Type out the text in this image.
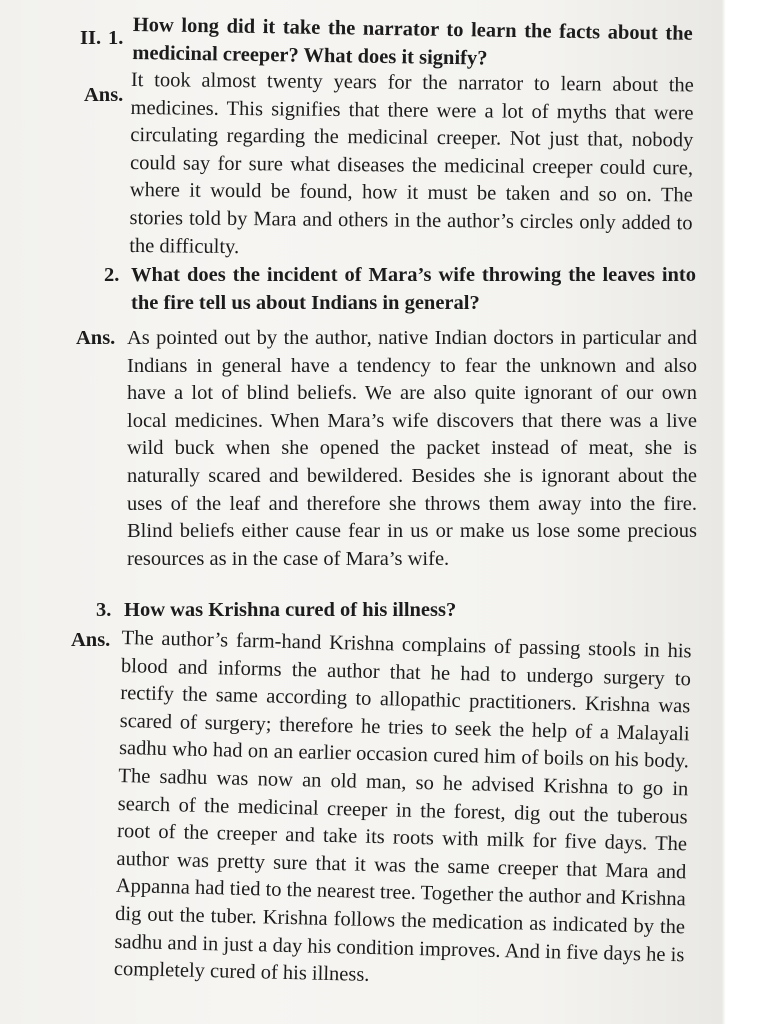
II. 1. How long did it take the narrator to learn the facts about the medicinal creeper? What does it signify?
Ans. It took almost twenty years for the narrator to learn about the medicines. This signifies that there were a lot of myths that were circulating regarding the medicinal creeper. Not just that, nobody could say for sure what diseases the medicinal creeper could cure, where it would be found, how it must be taken and so on. The stories told by Mara and others in the author’s circles only added to the difficulty.
2. What does the incident of Mara’s wife throwing the leaves into the fire tell us about Indians in general?
Ans. As pointed out by the author, native Indian doctors in particular and Indians in general have a tendency to fear the unknown and also have a lot of blind beliefs. We are also quite ignorant of our own local medicines. When Mara’s wife discovers that there was a live wild buck when she opened the packet instead of meat, she is naturally scared and bewildered. Besides she is ignorant about the uses of the leaf and therefore she throws them away into the fire. Blind beliefs either cause fear in us or make us lose some precious resources as in the case of Mara’s wife.
3. How was Krishna cured of his illness?
Ans. The author’s farm-hand Krishna complains of passing stools in his blood and informs the author that he had to undergo surgery to rectify the same according to allopathic practitioners. Krishna was scared of surgery; therefore he tries to seek the help of a Malayali sadhu who had on an earlier occasion cured him of boils on his body. The sadhu was now an old man, so he advised Krishna to go in search of the medicinal creeper in the forest, dig out the tuberous root of the creeper and take its roots with milk for five days. The author was pretty sure that it was the same creeper that Mara and Appanna had tied to the nearest tree. Together the author and Krishna dig out the tuber. Krishna follows the medication as indicated by the sadhu and in just a day his condition improves. And in five days he is completely cured of his illness.
